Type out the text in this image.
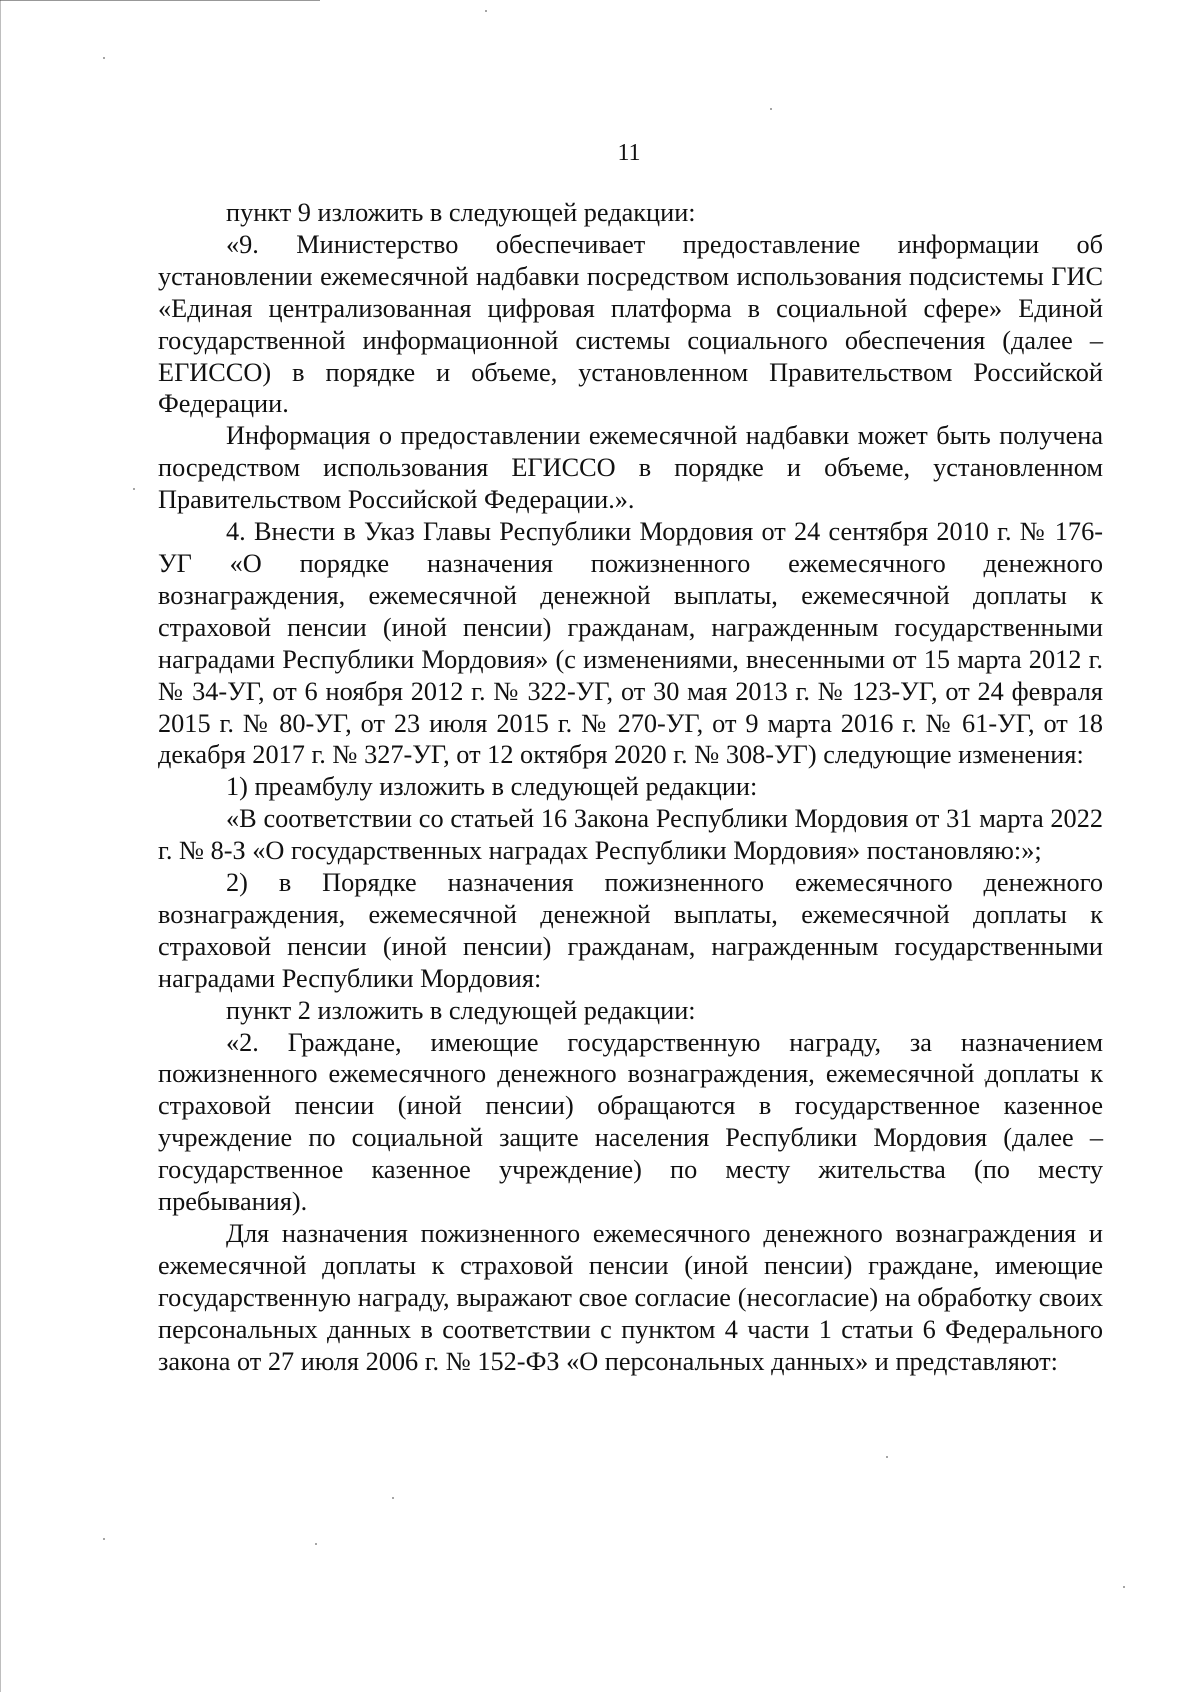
11

пункт 9 изложить в следующей редакции:

«9. Министерство обеспечивает предоставление информации об установлении ежемесячной надбавки посредством использования подсистемы ГИС «Единая централизованная цифровая платформа в социальной сфере» Единой государственной информационной системы социального обеспечения (далее – ЕГИССО) в порядке и объеме, установленном Правительством Российской Федерации.

Информация о предоставлении ежемесячной надбавки может быть получена посредством использования ЕГИССО в порядке и объеме, установленном Правительством Российской Федерации.».

4. Внести в Указ Главы Республики Мордовия от 24 сентября 2010 г. № 176-УГ «О порядке назначения пожизненного ежемесячного денежного вознаграждения, ежемесячной денежной выплаты, ежемесячной доплаты к страховой пенсии (иной пенсии) гражданам, награжденным государственными наградами Республики Мордовия» (с изменениями, внесенными от 15 марта 2012 г. № 34-УГ, от 6 ноября 2012 г. № 322-УГ, от 30 мая 2013 г. № 123-УГ, от 24 февраля 2015 г. № 80-УГ, от 23 июля 2015 г. № 270-УГ, от 9 марта 2016 г. № 61-УГ, от 18 декабря 2017 г. № 327-УГ, от 12 октября 2020 г. № 308-УГ) следующие изменения:

1) преамбулу изложить в следующей редакции:

«В соответствии со статьей 16 Закона Республики Мордовия от 31 марта 2022 г. № 8-З «О государственных наградах Республики Мордовия» постановляю:»;

2) в Порядке назначения пожизненного ежемесячного денежного вознаграждения, ежемесячной денежной выплаты, ежемесячной доплаты к страховой пенсии (иной пенсии) гражданам, награжденным государственными наградами Республики Мордовия:

пункт 2 изложить в следующей редакции:

«2. Граждане, имеющие государственную награду, за назначением пожизненного ежемесячного денежного вознаграждения, ежемесячной доплаты к страховой пенсии (иной пенсии) обращаются в государственное казенное учреждение по социальной защите населения Республики Мордовия (далее – государственное казенное учреждение) по месту жительства (по месту пребывания).

Для назначения пожизненного ежемесячного денежного вознаграждения и ежемесячной доплаты к страховой пенсии (иной пенсии) граждане, имеющие государственную награду, выражают свое согласие (несогласие) на обработку своих персональных данных в соответствии с пунктом 4 части 1 статьи 6 Федерального закона от 27 июля 2006 г. № 152-ФЗ «О персональных данных» и представляют:
